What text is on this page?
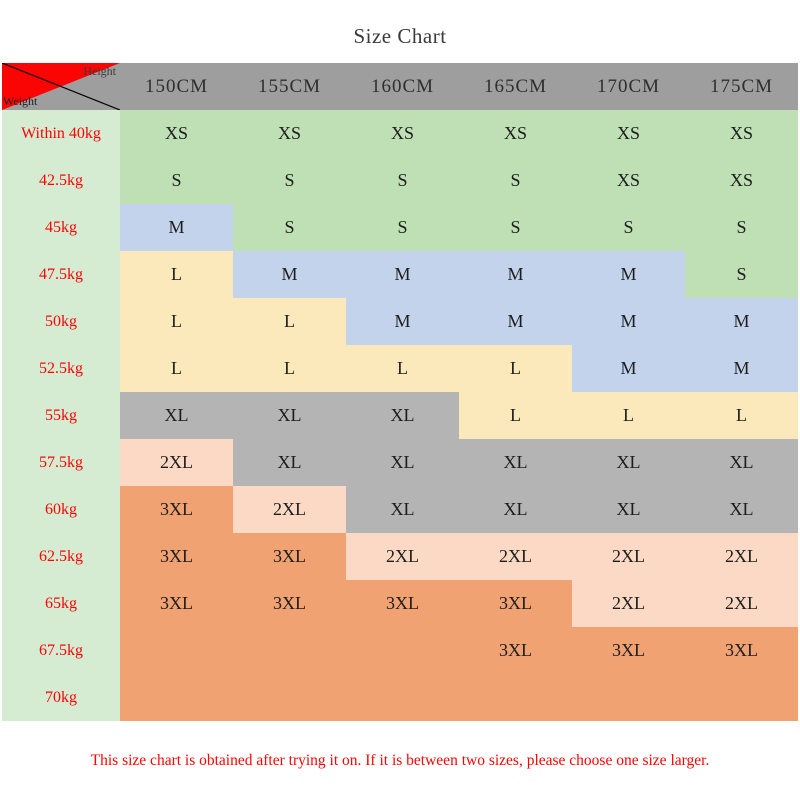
Size Chart
Height
Weight	150CM	155CM	160CM	165CM	170CM	175CM
Within 40kg	XS	XS	XS	XS	XS	XS
42.5kg	S	S	S	S	XS	XS
45kg	M	S	S	S	S	S
47.5kg	L	M	M	M	M	S
50kg	L	L	M	M	M	M
52.5kg	L	L	L	L	M	M
55kg	XL	XL	XL	L	L	L
57.5kg	2XL	XL	XL	XL	XL	XL
60kg	3XL	2XL	XL	XL	XL	XL
62.5kg	3XL	3XL	2XL	2XL	2XL	2XL
65kg	3XL	3XL	3XL	3XL	2XL	2XL
67.5kg				3XL	3XL	3XL
70kg						
This size chart is obtained after trying it on. If it is between two sizes, please choose one size larger.
